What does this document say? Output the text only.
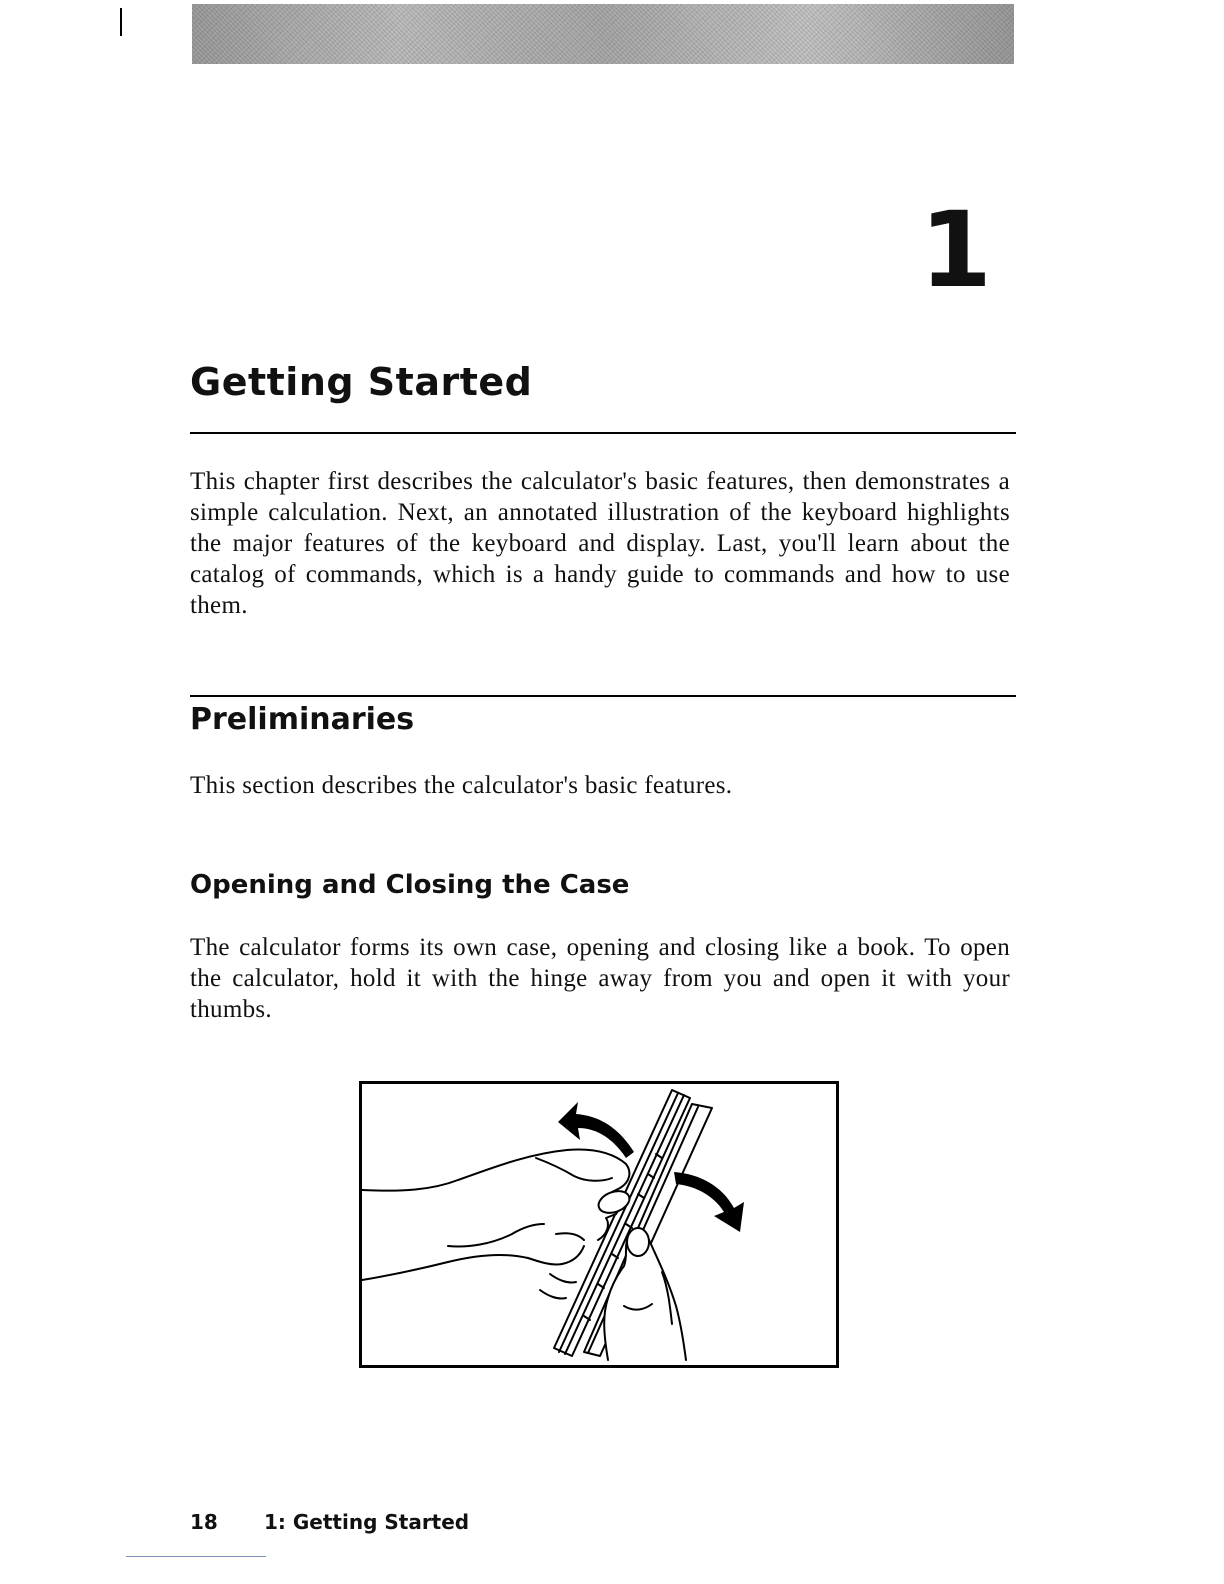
1
Getting Started

This chapter first describes the calculator's basic features, then demonstrates a simple calculation. Next, an annotated illustration of the keyboard highlights the major features of the keyboard and display. Last, you'll learn about the catalog of commands, which is a handy guide to commands and how to use them.

Preliminaries

This section describes the calculator's basic features.

Opening and Closing the Case

The calculator forms its own case, opening and closing like a book. To open the calculator, hold it with the hinge away from you and open it with your thumbs.

18 1: Getting Started
